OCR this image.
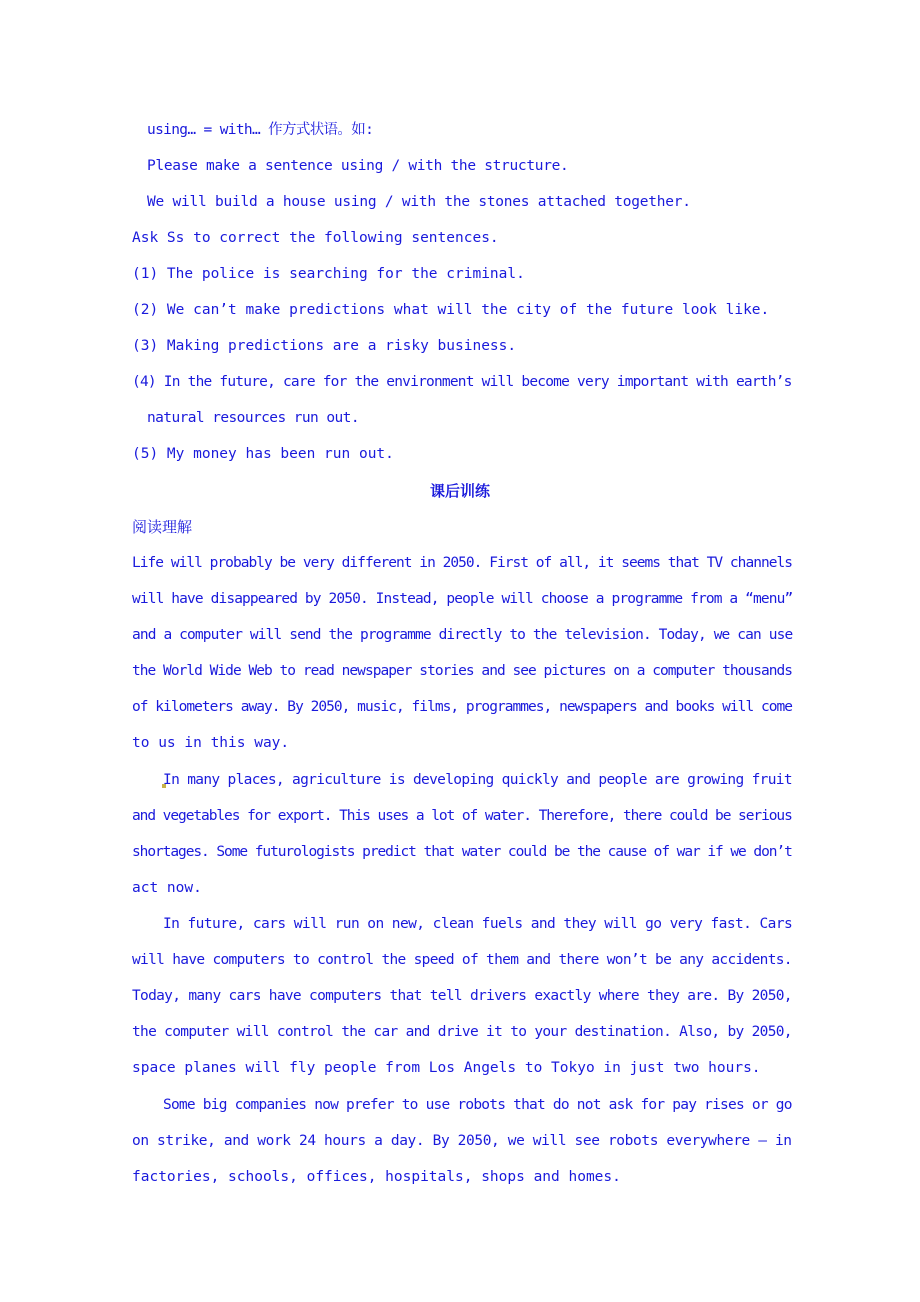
using… = with… 作方式状语。如:
Please make a sentence using / with the structure.
We will build a house using / with the stones attached together.
Ask Ss to correct the following sentences.
(1) The police is searching for the criminal.
(2) We can’t make predictions what will the city of the future look like.
(3) Making predictions are a risky business.
(4) In the future, care for the environment will become very important with earth’s
natural resources run out.
(5) My money has been run out.
课后训练
阅读理解
Life will probably be very different in 2050. First of all, it seems that TV channels
will have disappeared by 2050. Instead, people will choose a programme from a “menu”
and a computer will send the programme directly to the television. Today, we can use
the World Wide Web to read newspaper stories and see pictures on a computer thousands
of kilometers away. By 2050, music, films, programmes, newspapers and books will come
to us in this way.
In many places, agriculture is developing quickly and people are growing fruit
and vegetables for export. This uses a lot of water. Therefore, there could be serious
shortages. Some futurologists predict that water could be the cause of war if we don’t
act now.
In future, cars will run on new, clean fuels and they will go very fast. Cars
will have computers to control the speed of them and there won’t be any accidents.
Today, many cars have computers that tell drivers exactly where they are. By 2050,
the computer will control the car and drive it to your destination. Also, by 2050,
space planes will fly people from Los Angels to Tokyo in just two hours.
Some big companies now prefer to use robots that do not ask for pay rises or go
on strike, and work 24 hours a day. By 2050, we will see robots everywhere — in
factories, schools, offices, hospitals, shops and homes.
